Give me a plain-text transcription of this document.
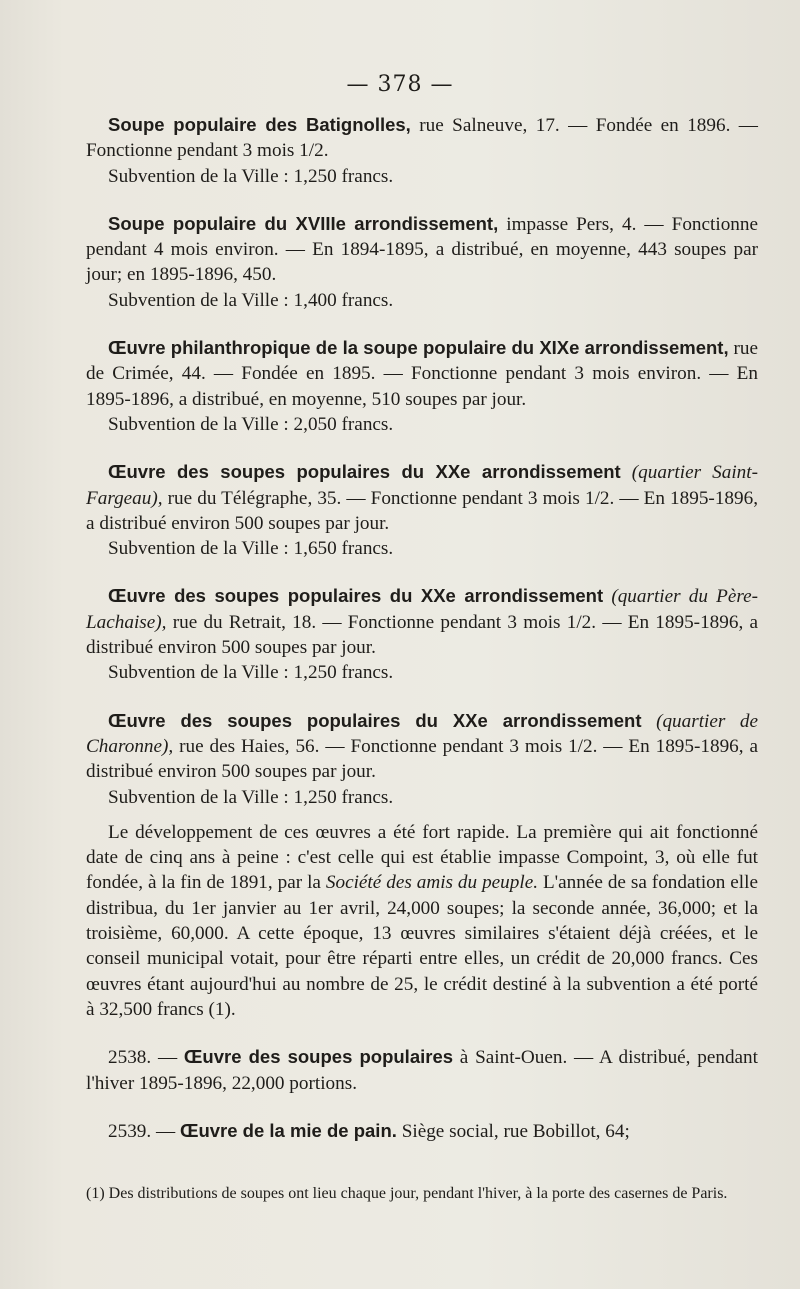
— 378 —

Soupe populaire des Batignolles, rue Salneuve, 17. — Fondée en 1896. — Fonctionne pendant 3 mois 1/2.

Subvention de la Ville : 1,250 francs.

Soupe populaire du XVIIIe arrondissement, impasse Pers, 4. — Fonctionne pendant 4 mois environ. — En 1894-1895, a distribué, en moyenne, 443 soupes par jour; en 1895-1896, 450.

Subvention de la Ville : 1,400 francs.

Œuvre philanthropique de la soupe populaire du XIXe arrondissement, rue de Crimée, 44. — Fondée en 1895. — Fonctionne pendant 3 mois environ. — En 1895-1896, a distribué, en moyenne, 510 soupes par jour.

Subvention de la Ville : 2,050 francs.

Œuvre des soupes populaires du XXe arrondissement (quartier Saint-Fargeau), rue du Télégraphe, 35. — Fonctionne pendant 3 mois 1/2. — En 1895-1896, a distribué environ 500 soupes par jour.

Subvention de la Ville : 1,650 francs.

Œuvre des soupes populaires du XXe arrondissement (quartier du Père-Lachaise), rue du Retrait, 18. — Fonctionne pendant 3 mois 1/2. — En 1895-1896, a distribué environ 500 soupes par jour.

Subvention de la Ville : 1,250 francs.

Œuvre des soupes populaires du XXe arrondissement (quartier de Charonne), rue des Haies, 56. — Fonctionne pendant 3 mois 1/2. — En 1895-1896, a distribué environ 500 soupes par jour.

Subvention de la Ville : 1,250 francs.

Le développement de ces œuvres a été fort rapide. La première qui ait fonctionné date de cinq ans à peine : c'est celle qui est établie impasse Compoint, 3, où elle fut fondée, à la fin de 1891, par la Société des amis du peuple. L'année de sa fondation elle distribua, du 1er janvier au 1er avril, 24,000 soupes; la seconde année, 36,000; et la troisième, 60,000. A cette époque, 13 œuvres similaires s'étaient déjà créées, et le conseil municipal votait, pour être réparti entre elles, un crédit de 20,000 francs. Ces œuvres étant aujourd'hui au nombre de 25, le crédit destiné à la subvention a été porté à 32,500 francs (1).

2538. — Œuvre des soupes populaires à Saint-Ouen. — A distribué, pendant l'hiver 1895-1896, 22,000 portions.

2539. — Œuvre de la mie de pain. Siège social, rue Bobillot, 64;

(1) Des distributions de soupes ont lieu chaque jour, pendant l'hiver, à la porte des casernes de Paris.
